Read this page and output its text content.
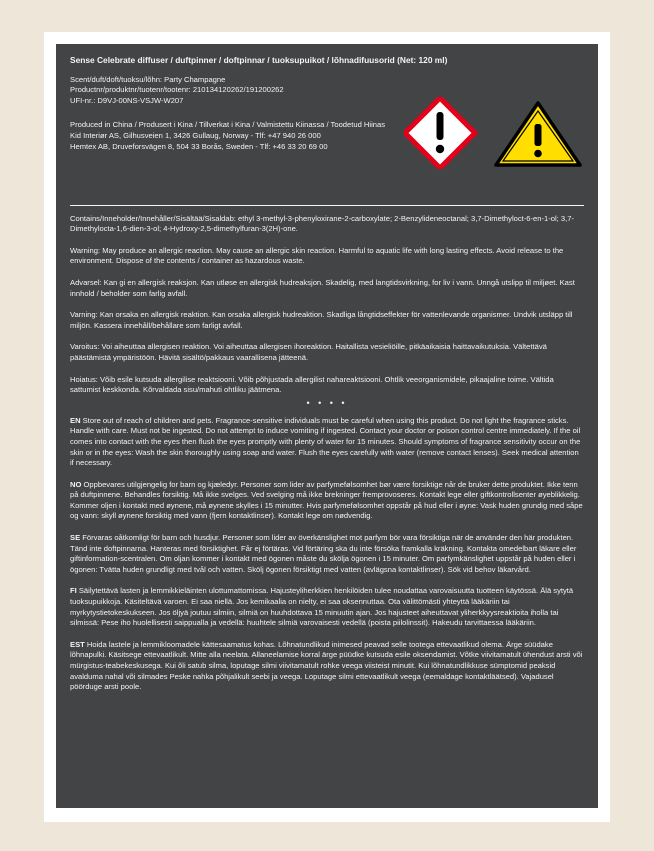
Sense Celebrate diffuser / duftpinner / doftpinnar / tuoksupuikot / lõhnadifuusorid (Net: 120 ml)

Scent/duft/doft/tuoksu/lõhn: Party Champagne
Productnr/produktnr/tuotenr/tootenr: 210134120262/191200262
UFI-nr.: D9VJ-00NS-VSJW-W207

Produced in China / Produsert i Kina / Tillverkat i Kina / Valmistettu Kiinassa / Toodetud Hiinas
Kid Interiør AS, Gilhusveien 1, 3426 Gullaug, Norway - Tlf: +47 940 26 000
Hemtex AB, Druveforsvägen 8, 504 33 Borås, Sweden - Tlf: +46 33 20 69 00

Contains/Inneholder/Innehåller/Sisältää/Sisaldab: ethyl 3-methyl-3-phenyloxirane-2-carboxylate; 2-Benzylideneoctanal; 3,7-Dimethyloct-6-en-1-ol; 3,7-Dimethylocta-1,6-dien-3-ol; 4-Hydroxy-2,5-dimethylfuran-3(2H)-one.
Warning: May produce an allergic reaction. May cause an allergic skin reaction. Harmful to aquatic life with long lasting effects. Avoid release to the environment. Dispose of the contents / container as hazardous waste.
Advarsel: Kan gi en allergisk reaksjon. Kan utløse en allergisk hudreaksjon. Skadelig, med langtidsvirkning, for liv i vann. Unngå utslipp til miljøet. Kast innhold / beholder som farlig avfall.
Varning: Kan orsaka en allergisk reaktion. Kan orsaka allergisk hudreaktion. Skadliga långtidseffekter för vattenlevande organismer. Undvik utsläpp till miljön. Kassera innehåll/behållare som farligt avfall.
Varoitus: Voi aiheuttaa allergisen reaktion. Voi aiheuttaa allergisen ihoreaktion. Haitallista vesieliöille, pitkäaikaisia haittavaikutuksia. Vältettävä päästämistä ympäristöön. Hävitä sisältö/pakkaus vaarallisena jätteenä.
Hoiatus: Võib esile kutsuda allergilise reaktsiooni. Võib põhjustada allergilist nahareaktsiooni. Ohtlik veeorganismidele, pikaajaline toime. Vältida sattumist keskkonda. Kõrvaldada sisu/mahuti ohtliku jäätmena.
• • • •
EN Store out of reach of children and pets. Fragrance-sensitive individuals must be careful when using this product. Do not light the fragrance sticks. Handle with care. Must not be ingested. Do not attempt to induce vomiting if ingested. Contact your doctor or poison control centre immediately. If the oil comes into contact with the eyes then flush the eyes promptly with plenty of water for 15 minutes. Should symptoms of fragrance sensitivity occur on the skin or in the eyes: Wash the skin thoroughly using soap and water. Flush the eyes carefully with water (remove contact lenses). Seek medical attention if necessary.
NO Oppbevares utilgjengelig for barn og kjæledyr. Personer som lider av parfymefølsomhet bør være forsiktige når de bruker dette produktet. Ikke tenn på duftpinnene. Behandles forsiktig. Må ikke svelges. Ved svelging må ikke brekninger fremprovoseres. Kontakt lege eller giftkontrollsenter øyeblikkelig. Kommer oljen i kontakt med øynene, må øynene skylles i 15 minutter. Hvis parfymefølsomhet oppstår på hud eller i øyne: Vask huden grundig med såpe og vann: skyll øynene forsiktig med vann (fjern kontaktlinser). Kontakt lege om nødvendig.
SE Förvaras oåtkomligt för barn och husdjur. Personer som lider av överkänslighet mot parfym bör vara försiktiga när de använder den här produkten. Tänd inte doftpinnarna. Hanteras med försiktighet. Får ej förtäras. Vid förtäring ska du inte försöka framkalla kräkning. Kontakta omedelbart läkare eller giftinformation-scentralen. Om oljan kommer i kontakt med ögonen måste du skölja ögonen i 15 minuter. Om parfymkänslighet uppstår på huden eller i ögonen: Tvätta huden grundligt med tvål och vatten. Skölj ögonen försiktigt med vatten (avlägsna kontaktlinser). Sök vid behov läkarvård.
FI Säilytettävä lasten ja lemmikkieläinten ulottumattomissa. Hajusteyliherkkien henkilöiden tulee noudattaa varovaisuutta tuotteen käytössä. Älä sytytä tuoksupuikkoja. Käsiteltävä varoen. Ei saa niellä. Jos kemikaalia on nielty, ei saa oksennuttaa. Ota välittömästi yhteyttä lääkäriin tai myrkytystietokeskukseen. Jos öljyä joutuu silmiin, silmiä on huuhdottava 15 minuutin ajan. Jos hajusteet aiheuttavat yliherkkyysreaktioita iholla tai silmissä: Pese iho huolellisesti saippualla ja vedellä: huuhtele silmiä varovaisesti vedellä (poista piilolinssit). Hakeudu tarvittaessa lääkäriin.
EST Hoida lastele ja lemmikloomadele kättesaamatus kohas. Lõhnatundlikud inimesed peavad selle tootega ettevaatlikud olema. Ärge süüdake lõhnapulki. Käsitsege ettevaatlikult. Mitte alla neelata. Allaneelamise korral ärge püüdke kutsuda esile oksendamist. Võtke viivitamatult ühendust arsti või mürgistus-teabekeskusega. Kui õli satub silma, loputage silmi viivitamatult rohke veega viisteist minutit. Kui lõhnatundlikkuse sümptomid peaksid avalduma nahal või silmades Peske nahka põhjalikult seebi ja veega. Loputage silmi ettevaatlikult veega (eemaldage kontaktläätsed). Vajadusel pöörduge arsti poole.
